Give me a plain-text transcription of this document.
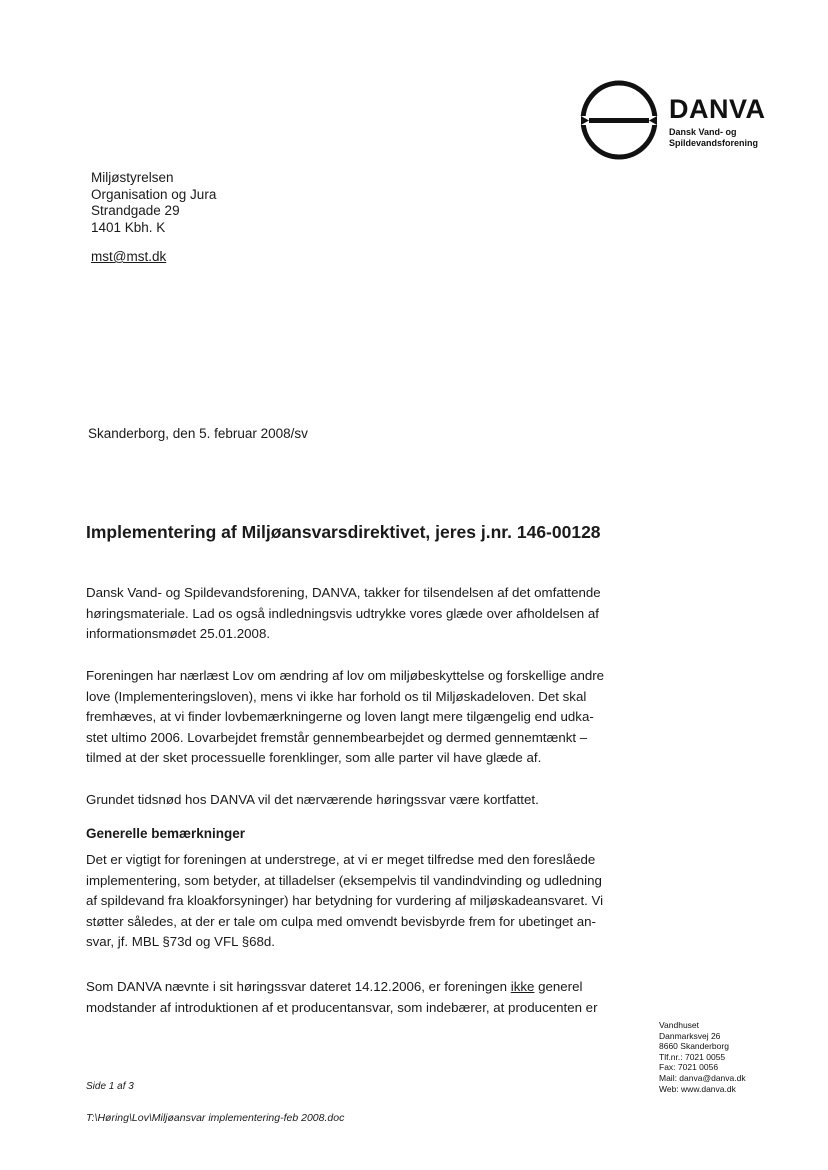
DANVA
Dansk Vand- og
Spildevandsforening
Miljøstyrelsen
Organisation og Jura
Strandgade 29
1401 Kbh. K
mst@mst.dk
Skanderborg, den 5. februar 2008/sv
Implementering af Miljøansvarsdirektivet, jeres j.nr. 146-00128
Dansk Vand- og Spildevandsforening, DANVA, takker for tilsendelsen af det omfattende
høringsmateriale. Lad os også indledningsvis udtrykke vores glæde over afholdelsen af
informationsmødet 25.01.2008.
Foreningen har nærlæst Lov om ændring af lov om miljøbeskyttelse og forskellige andre
love (Implementeringsloven), mens vi ikke har forhold os til Miljøskadeloven. Det skal
fremhæves, at vi finder lovbemærkningerne og loven langt mere tilgængelig end udka-
stet ultimo 2006. Lovarbejdet fremstår gennembearbejdet og dermed gennemtænkt –
tilmed at der sket processuelle forenklinger, som alle parter vil have glæde af.
Grundet tidsnød hos DANVA vil det nærværende høringssvar være kortfattet.
Generelle bemærkninger
Det er vigtigt for foreningen at understrege, at vi er meget tilfredse med den foreslåede
implementering, som betyder, at tilladelser (eksempelvis til vandindvinding og udledning
af spildevand fra kloakforsyninger) har betydning for vurdering af miljøskadeansvaret. Vi
støtter således, at der er tale om culpa med omvendt bevisbyrde frem for ubetinget an-
svar, jf. MBL §73d og VFL §68d.
Som DANVA nævnte i sit høringssvar dateret 14.12.2006, er foreningen ikke generel
modstander af introduktionen af et producentansvar, som indebærer, at producenten er
Vandhuset
Danmarksvej 26
8660 Skanderborg
Tlf.nr.: 7021 0055
Fax: 7021 0056
Mail: danva@danva.dk
Web: www.danva.dk
Side 1 af 3
T:\Høring\Lov\Miljøansvar implementering-feb 2008.doc
